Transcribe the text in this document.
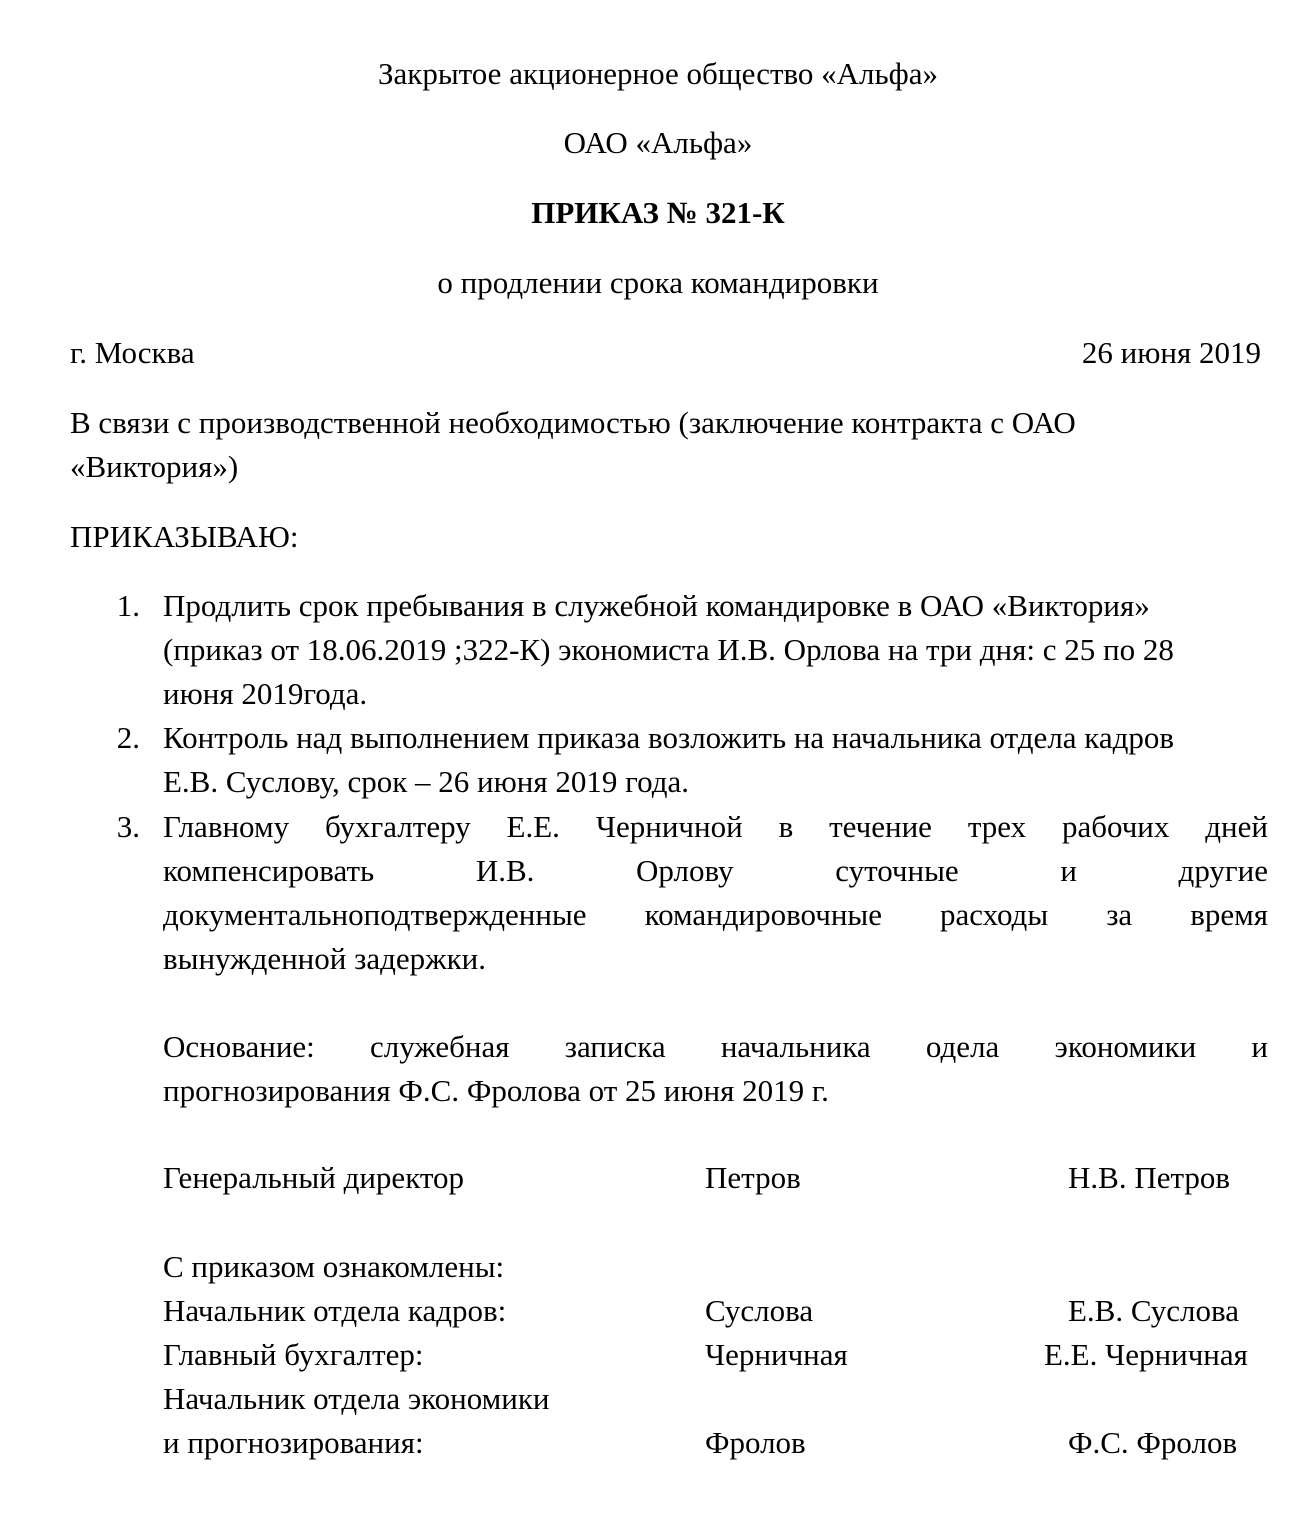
Закрытое акционерное общество «Альфа»
ОАО «Альфа»
ПРИКАЗ № 321-К
о продлении срока командировки
г. Москва	26 июня 2019
В связи с производственной необходимостью (заключение контракта с ОАО
«Виктория»)
ПРИКАЗЫВАЮ:
1. Продлить срок пребывания в служебной командировке в ОАО «Виктория»
(приказ от 18.06.2019 ;322-К) экономиста И.В. Орлова на три дня: с 25 по 28
июня 2019года.
2. Контроль над выполнением приказа возложить на начальника отдела кадров
Е.В. Суслову, срок – 26 июня 2019 года.
3. Главному бухгалтеру Е.Е. Черничной в течение трех рабочих дней
компенсировать И.В. Орлову суточные и другие
документальноподтвержденные командировочные расходы за время
вынужденной задержки.
Основание: служебная записка начальника одела экономики и
прогнозирования Ф.С. Фролова от 25 июня 2019 г.
Генеральный директор	Петров	Н.В. Петров
С приказом ознакомлены:
Начальник отдела кадров:	Суслова	Е.В. Суслова
Главный бухгалтер:	Черничная	Е.Е. Черничная
Начальник отдела экономики
и прогнозирования:	Фролов	Ф.С. Фролов
